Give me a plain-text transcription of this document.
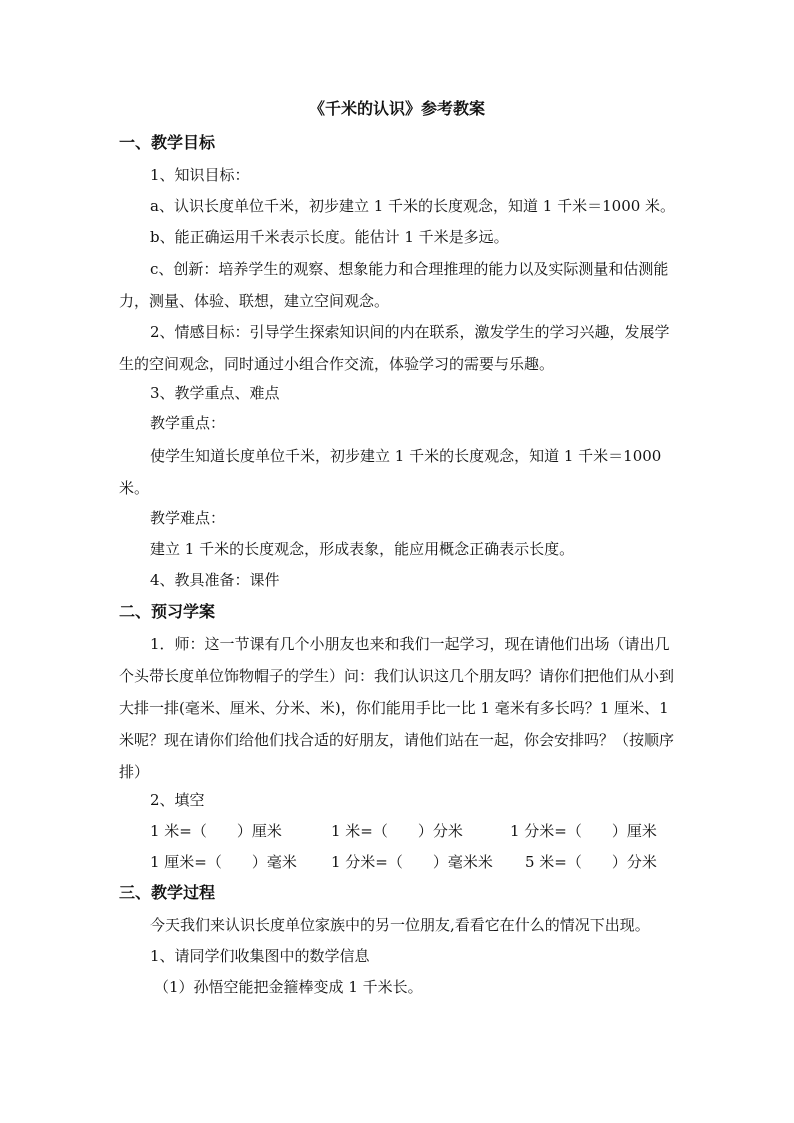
《千米的认识》参考教案
一、教学目标
1、知识目标：
a、认识长度单位千米，初步建立 1 千米的长度观念，知道 1 千米＝1000 米。
b、能正确运用千米表示长度。能估计 1 千米是多远。
c、创新：培养学生的观察、想象能力和合理推理的能力以及实际测量和估测能力，测量、体验、联想，建立空间观念。
2、情感目标：引导学生探索知识间的内在联系，激发学生的学习兴趣，发展学生的空间观念，同时通过小组合作交流，体验学习的需要与乐趣。
3、教学重点、难点
教学重点：
使学生知道长度单位千米，初步建立 1 千米的长度观念，知道 1 千米＝1000 米。
教学难点：
建立 1 千米的长度观念，形成表象，能应用概念正确表示长度。
4、教具准备：课件
二、预习学案
1．师：这一节课有几个小朋友也来和我们一起学习，现在请他们出场（请出几个头带长度单位饰物帽子的学生）问：我们认识这几个朋友吗？请你们把他们从小到大排一排(毫米、厘米、分米、米)，你们能用手比一比 1 毫米有多长吗？1 厘米、1 米呢？现在请你们给他们找合适的好朋友，请他们站在一起，你会安排吗？（按顺序排）
2、填空
1 米=（　　）厘米	1 米=（　　）分米	1 分米=（　　）厘米
1 厘米=（　　）毫米 1 分米=（　　）毫米米 5 米=（　　）分米
三、教学过程
今天我们来认识长度单位家族中的另一位朋友,看看它在什么的情况下出现。
1、请同学们收集图中的数学信息
（1）孙悟空能把金箍棒变成 1 千米长。
